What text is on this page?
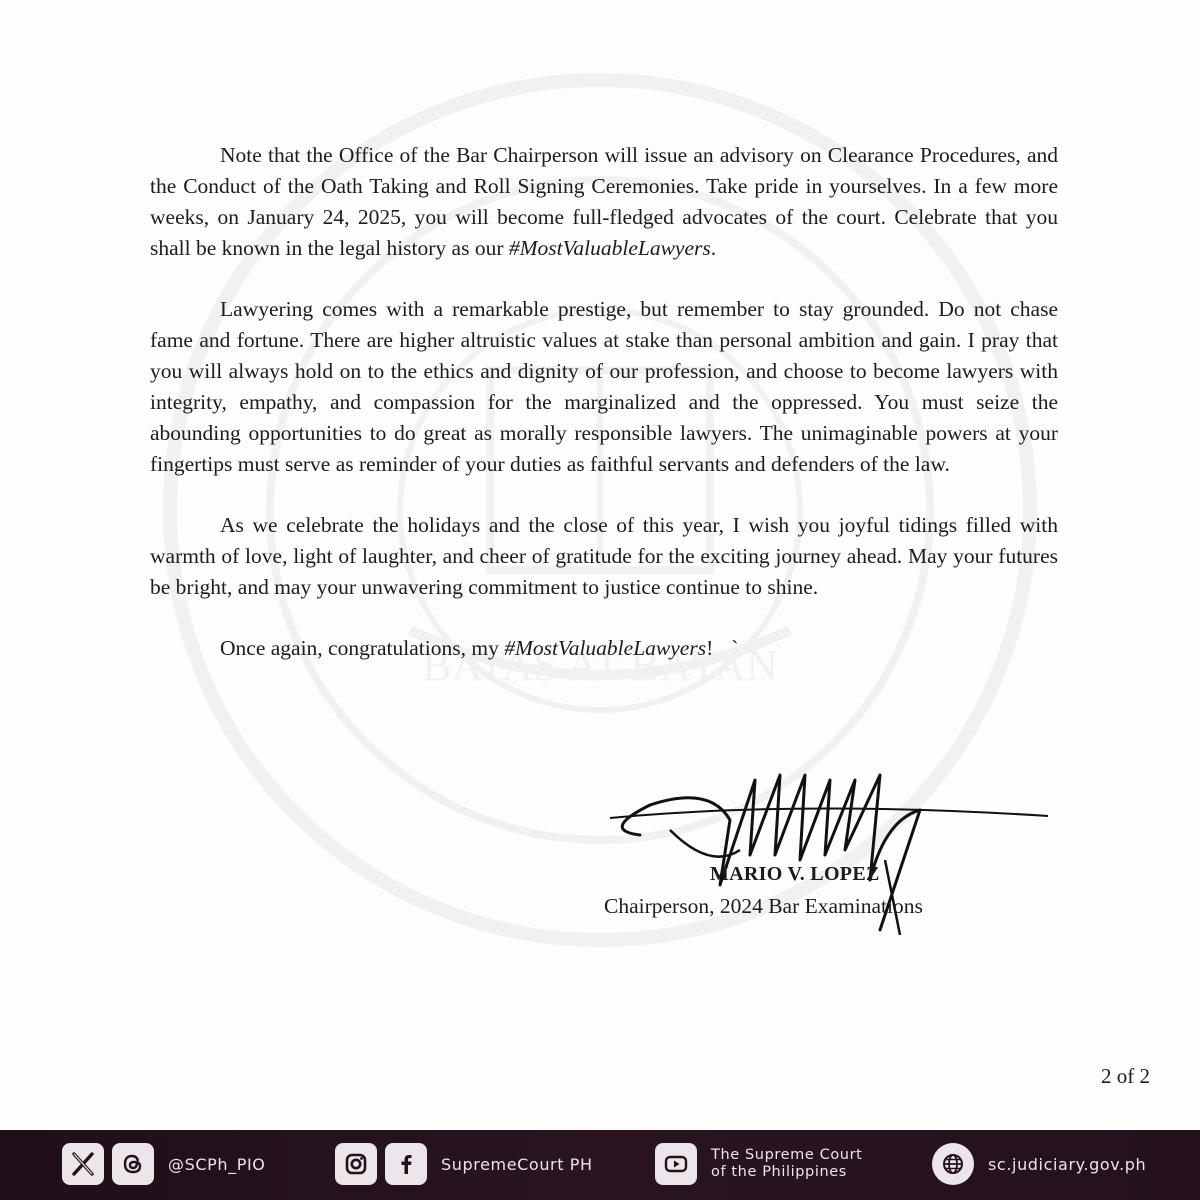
Note that the Office of the Bar Chairperson will issue an advisory on Clearance Procedures, and the Conduct of the Oath Taking and Roll Signing Ceremonies. Take pride in yourselves. In a few more weeks, on January 24, 2025, you will become full-fledged advocates of the court. Celebrate that you shall be known in the legal history as our #MostValuableLawyers.

Lawyering comes with a remarkable prestige, but remember to stay grounded. Do not chase fame and fortune. There are higher altruistic values at stake than personal ambition and gain. I pray that you will always hold on to the ethics and dignity of our profession, and choose to become lawyers with integrity, empathy, and compassion for the marginalized and the oppressed. You must seize the abounding opportunities to do great as morally responsible lawyers. The unimaginable powers at your fingertips must serve as reminder of your duties as faithful servants and defenders of the law.

As we celebrate the holidays and the close of this year, I wish you joyful tidings filled with warmth of love, light of laughter, and cheer of gratitude for the exciting journey ahead. May your futures be bright, and may your unwavering commitment to justice continue to shine.

Once again, congratulations, my #MostValuableLawyers! `

MARIO V. LOPEZ
Chairperson, 2024 Bar Examinations
2 of 2
@SCPh_PIO	SupremeCourt PH	The Supreme Court
of the Philippines	sc.judiciary.gov.ph
